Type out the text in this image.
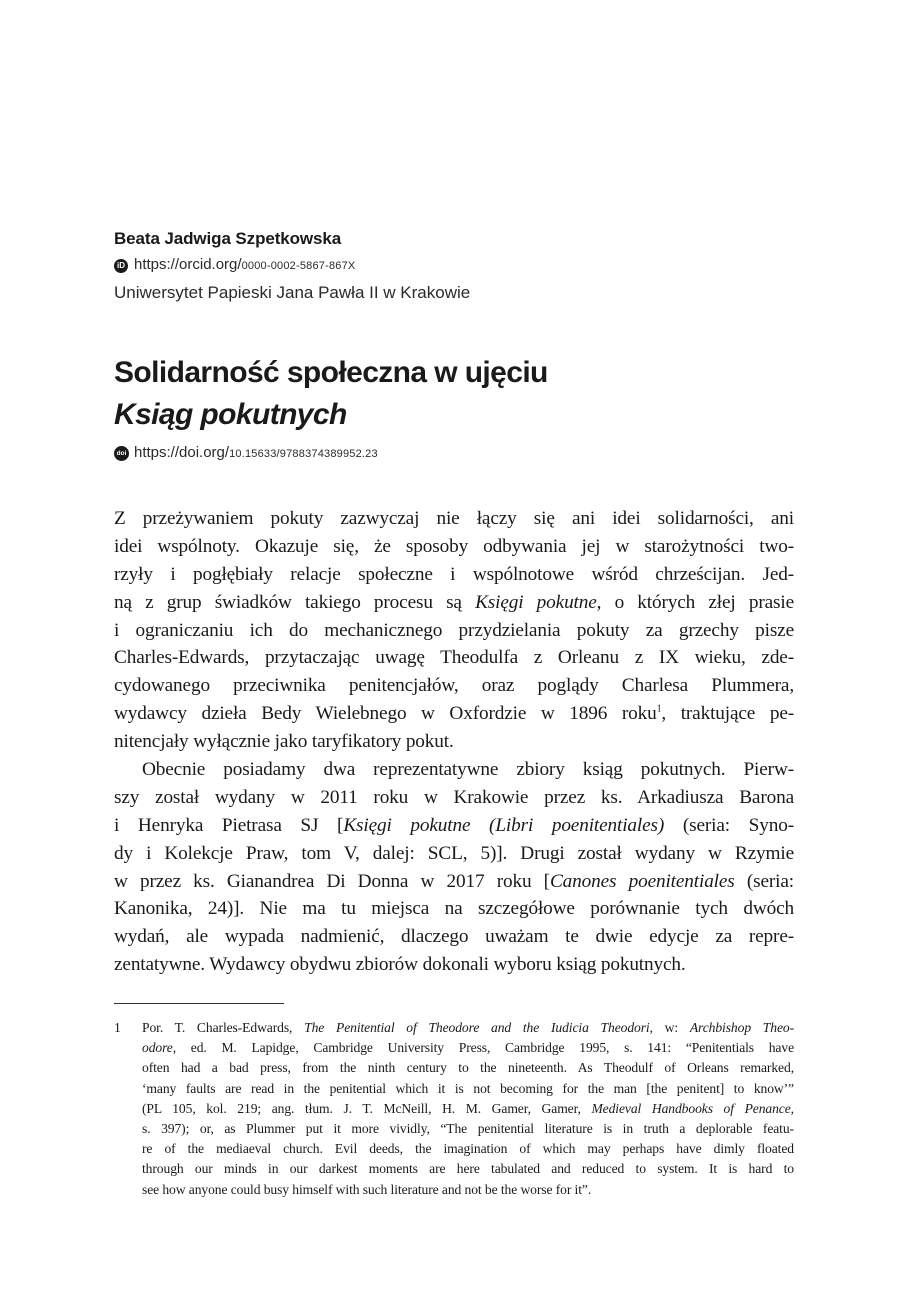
Beata Jadwiga Szpetkowska
iD https://orcid.org/0000-0002-5867-867X
Uniwersytet Papieski Jana Pawła II w Krakowie
Solidarność społeczna w ujęciu
Ksiąg pokutnych
doi https://doi.org/10.15633/9788374389952.23
Z przeżywaniem pokuty zazwyczaj nie łączy się ani idei solidarności, ani
idei wspólnoty. Okazuje się, że sposoby odbywania jej w starożytności two-
rzyły i pogłębiały relacje społeczne i wspólnotowe wśród chrześcijan. Jed-
ną z grup świadków takiego procesu są Księgi pokutne, o których złej prasie
i ograniczaniu ich do mechanicznego przydzielania pokuty za grzechy pisze
Charles-Edwards, przytaczając uwagę Theodulfa z Orleanu z IX wieku, zde-
cydowanego przeciwnika penitencjałów, oraz poglądy Charlesa Plummera,
wydawcy dzieła Bedy Wielebnego w Oxfordzie w 1896 roku$^1$, traktujące pe-
nitencjały wyłącznie jako taryfikatory pokut.
Obecnie posiadamy dwa reprezentatywne zbiory ksiąg pokutnych. Pierw-
szy został wydany w 2011 roku w Krakowie przez ks. Arkadiusza Barona
i Henryka Pietrasa SJ [Księgi pokutne (Libri poenitentiales) (seria: Syno-
dy i Kolekcje Praw, tom V, dalej: SCL, 5)]. Drugi został wydany w Rzymie
w przez ks. Gianandrea Di Donna w 2017 roku [Canones poenitentiales (seria:
Kanonika, 24)]. Nie ma tu miejsca na szczegółowe porównanie tych dwóch
wydań, ale wypada nadmienić, dlaczego uważam te dwie edycje za repre-
zentatywne. Wydawcy obydwu zbiorów dokonali wyboru ksiąg pokutnych.
1 Por. T. Charles-Edwards, The Penitential of Theodore and the Iudicia Theodori, w: Archbishop Theo-
odore, ed. M. Lapidge, Cambridge University Press, Cambridge 1995, s. 141: “Penitentials have
often had a bad press, from the ninth century to the nineteenth. As Theodulf of Orleans remarked,
‘many faults are read in the penitential which it is not becoming for the man [the penitent] to know’”
(PL 105, kol. 219; ang. tłum. J. T. McNeill, H. M. Gamer, Gamer, Medieval Handbooks of Penance,
s. 397); or, as Plummer put it more vividly, “The penitential literature is in truth a deplorable featu-
re of the mediaeval church. Evil deeds, the imagination of which may perhaps have dimly floated
through our minds in our darkest moments are here tabulated and reduced to system. It is hard to
see how anyone could busy himself with such literature and not be the worse for it”.
